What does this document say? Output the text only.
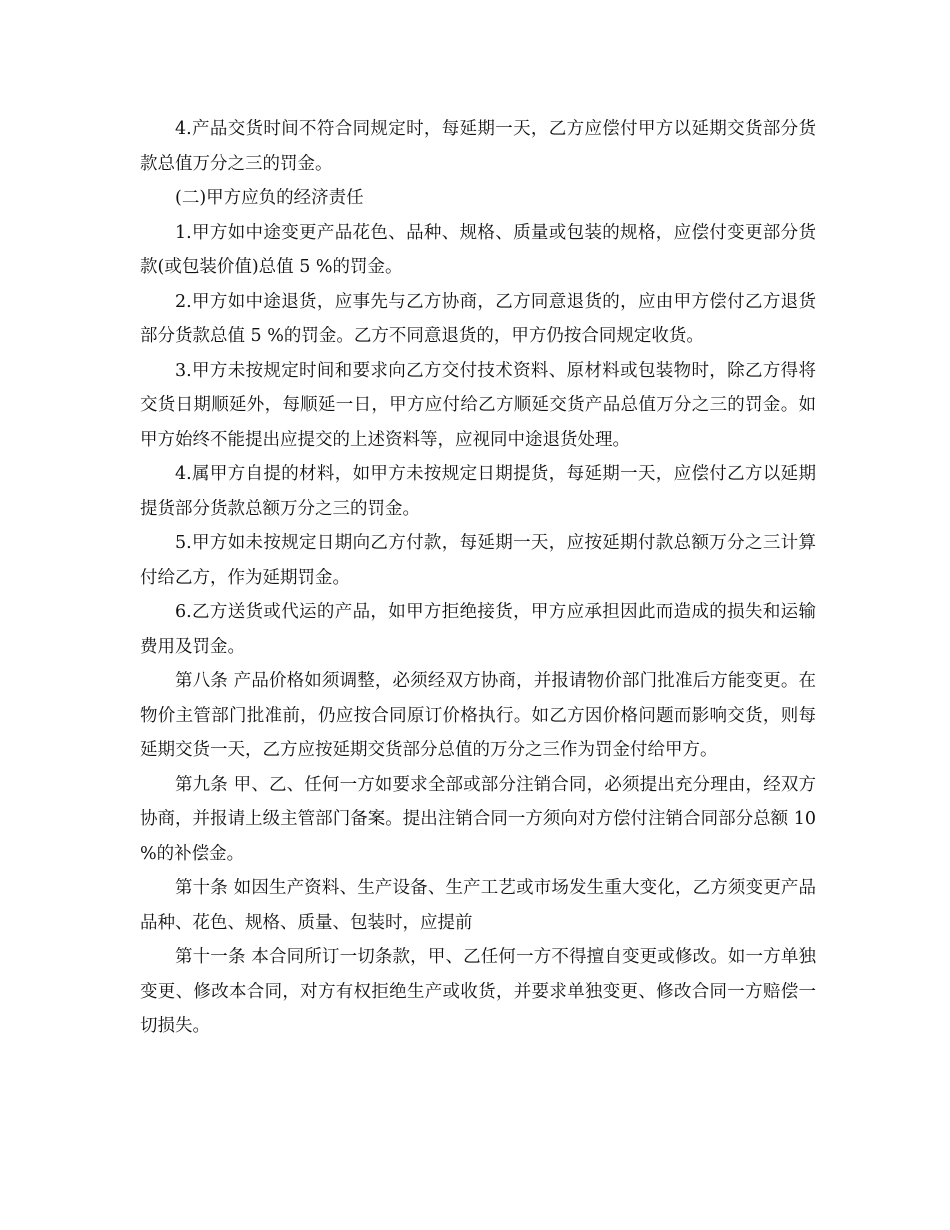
4.产品交货时间不符合同规定时，每延期一天，乙方应偿付甲方以延期交货部分货款总值万分之三的罚金。

(二)甲方应负的经济责任

1.甲方如中途变更产品花色、品种、规格、质量或包装的规格，应偿付变更部分货款(或包装价值)总值 5 %的罚金。

2.甲方如中途退货，应事先与乙方协商，乙方同意退货的，应由甲方偿付乙方退货部分货款总值 5 %的罚金。乙方不同意退货的，甲方仍按合同规定收货。

3.甲方未按规定时间和要求向乙方交付技术资料、原材料或包装物时，除乙方得将交货日期顺延外，每顺延一日，甲方应付给乙方顺延交货产品总值万分之三的罚金。如甲方始终不能提出应提交的上述资料等，应视同中途退货处理。

4.属甲方自提的材料，如甲方未按规定日期提货，每延期一天，应偿付乙方以延期提货部分货款总额万分之三的罚金。

5.甲方如未按规定日期向乙方付款，每延期一天，应按延期付款总额万分之三计算付给乙方，作为延期罚金。

6.乙方送货或代运的产品，如甲方拒绝接货，甲方应承担因此而造成的损失和运输费用及罚金。

第八条 产品价格如须调整，必须经双方协商，并报请物价部门批准后方能变更。在物价主管部门批准前，仍应按合同原订价格执行。如乙方因价格问题而影响交货，则每延期交货一天，乙方应按延期交货部分总值的万分之三作为罚金付给甲方。

第九条 甲、乙、任何一方如要求全部或部分注销合同，必须提出充分理由，经双方协商，并报请上级主管部门备案。提出注销合同一方须向对方偿付注销合同部分总额 10 %的补偿金。

第十条 如因生产资料、生产设备、生产工艺或市场发生重大变化，乙方须变更产品品种、花色、规格、质量、包装时，应提前

第十一条 本合同所订一切条款，甲、乙任何一方不得擅自变更或修改。如一方单独变更、修改本合同，对方有权拒绝生产或收货，并要求单独变更、修改合同一方赔偿一切损失。
